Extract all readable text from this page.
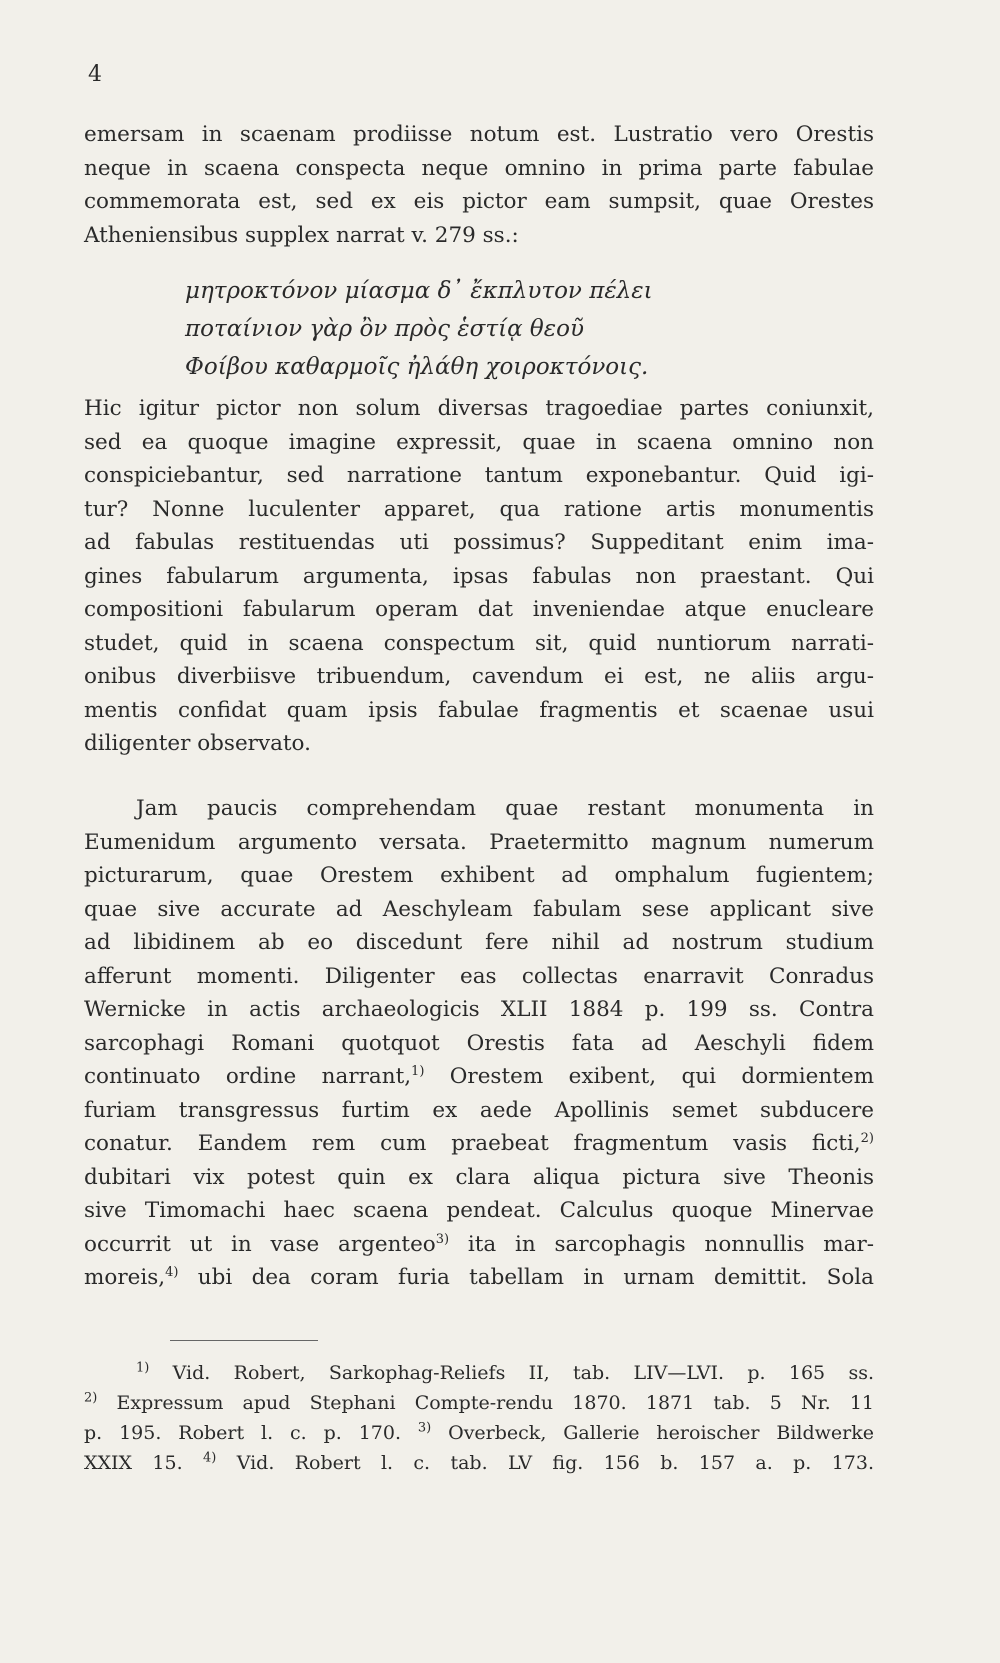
4
emersam in scaenam prodiisse notum est. Lustratio vero Orestis
neque in scaena conspecta neque omnino in prima parte fabulae
commemorata est, sed ex eis pictor eam sumpsit, quae Orestes
Atheniensibus supplex narrat v. 279 ss.:
μητροκτόνον μίασμα δ᾽ ἔκπλυτον πέλει
ποταίνιον γὰρ ὂν πρὸς ἑστίᾳ θεοῦ
Φοίβου καθαρμοῖς ἠλάθη χοιροκτόνοις.
Hic igitur pictor non solum diversas tragoediae partes coniunxit,
sed ea quoque imagine expressit, quae in scaena omnino non
conspiciebantur, sed narratione tantum exponebantur. Quid igi-
tur? Nonne luculenter apparet, qua ratione artis monumentis
ad fabulas restituendas uti possimus? Suppeditant enim ima-
gines fabularum argumenta, ipsas fabulas non praestant. Qui
compositioni fabularum operam dat inveniendae atque enucleare
studet, quid in scaena conspectum sit, quid nuntiorum narrati-
onibus diverbiisve tribuendum, cavendum ei est, ne aliis argu-
mentis confidat quam ipsis fabulae fragmentis et scaenae usui
diligenter observato.
Jam paucis comprehendam quae restant monumenta in
Eumenidum argumento versata. Praetermitto magnum numerum
picturarum, quae Orestem exhibent ad omphalum fugientem;
quae sive accurate ad Aeschyleam fabulam sese applicant sive
ad libidinem ab eo discedunt fere nihil ad nostrum studium
afferunt momenti. Diligenter eas collectas enarravit Conradus
Wernicke in actis archaeologicis XLII 1884 p. 199 ss. Contra
sarcophagi Romani quotquot Orestis fata ad Aeschyli fidem
continuato ordine narrant,$^{1)}$ Orestem exibent, qui dormientem
furiam transgressus furtim ex aede Apollinis semet subducere
conatur. Eandem rem cum praebeat fragmentum vasis ficti,$^{2)}$
dubitari vix potest quin ex clara aliqua pictura sive Theonis
sive Timomachi haec scaena pendeat. Calculus quoque Minervae
occurrit ut in vase argenteo$^{3)}$ ita in sarcophagis nonnullis mar-
moreis,$^{4)}$ ubi dea coram furia tabellam in urnam demittit. Sola
$^{1)}$ Vid. Robert, Sarkophag-Reliefs II, tab. LIV—LVI. p. 165 ss.
$^{2)}$ Expressum apud Stephani Compte-rendu 1870. 1871 tab. 5 Nr. 11
p. 195. Robert l. c. p. 170. $^{3)}$ Overbeck, Gallerie heroischer Bildwerke
XXIX 15. $^{4)}$ Vid. Robert l. c. tab. LV fig. 156 b. 157 a. p. 173.
